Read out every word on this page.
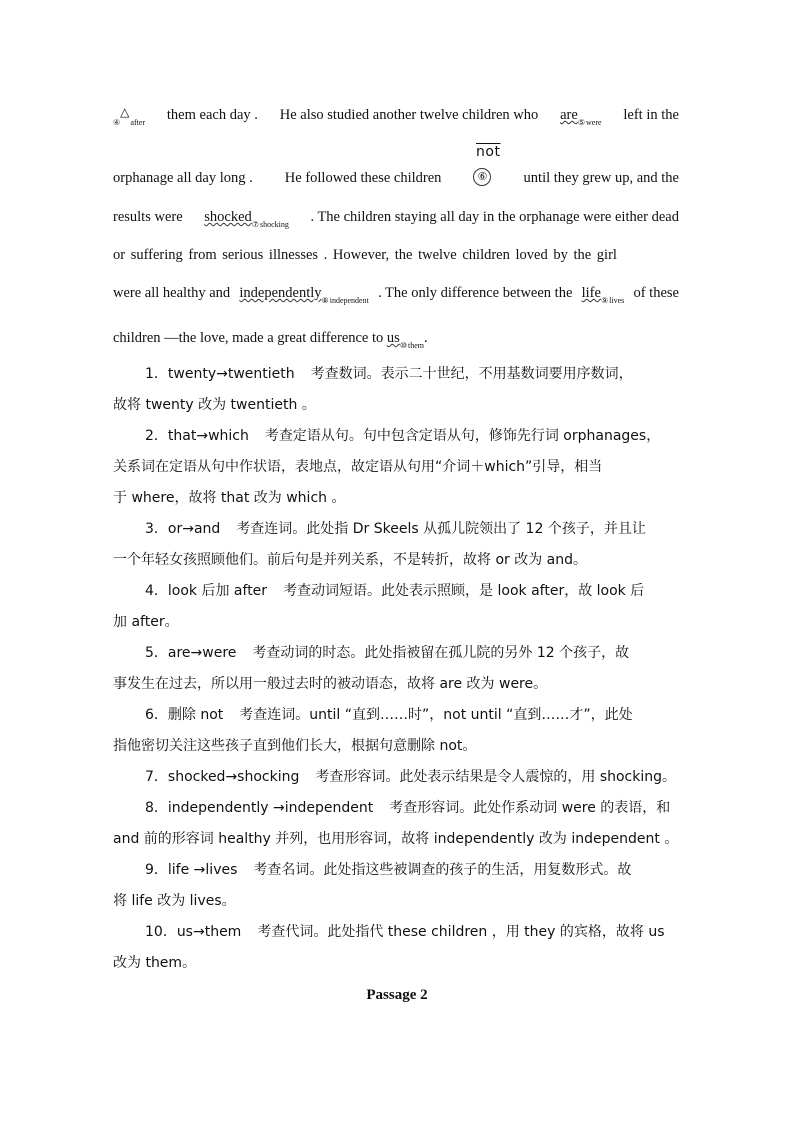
$_④$△$_{after}$ them each day . He also studied another twelve children who are$_{⑤were}$ left in the
$\overline{not}$
orphanage all day long . He followed these children	⑥ until they grew up, and the
results were shocked$_{⑦shocking}$ . The children staying all day in the orphanage were either dead
or suffering from serious illnesses . However, the twelve children loved by the girl
were all healthy and independently$_{⑧independent}$ . The only difference between the life$_{⑨lives}$ of these
children —the love, made a great difference to $us_{⑩them}$.

1．twenty→twentieth 考查数词。表示二十世纪，不用基数词要用序数词，

故将 twenty 改为 twentieth 。

2．that→which 考查定语从句。句中包含定语从句，修饰先行词 orphanages，

关系词在定语从句中作状语，表地点，故定语从句用“介词＋which”引导，相当

于 where，故将 that 改为 which 。

3．or→and 考查连词。此处指 Dr Skeels 从孤儿院领出了 12 个孩子，并且让

一个年轻女孩照顾他们。前后句是并列关系，不是转折，故将 or 改为 and。

4．look 后加 after 考查动词短语。此处表示照顾，是 look after，故 look 后

加 after。

5．are→were 考查动词的时态。此处指被留在孤儿院的另外 12 个孩子，故

事发生在过去，所以用一般过去时的被动语态，故将 are 改为 were。

6．删除 not 考查连词。until “直到……时”，not until “直到……才”，此处

指他密切关注这些孩子直到他们长大，根据句意删除 not。

7．shocked→shocking 考查形容词。此处表示结果是令人震惊的，用 shocking。

8．independently →independent 考查形容词。此处作系动词 were 的表语，和

and 前的形容词 healthy 并列，也用形容词，故将 independently 改为 independent 。

9．life →lives 考查名词。此处指这些被调查的孩子的生活，用复数形式。故

将 life 改为 lives。

10．us→them 考查代词。此处指代 these children ，用 they 的宾格，故将 us

改为 them。

Passage 2
